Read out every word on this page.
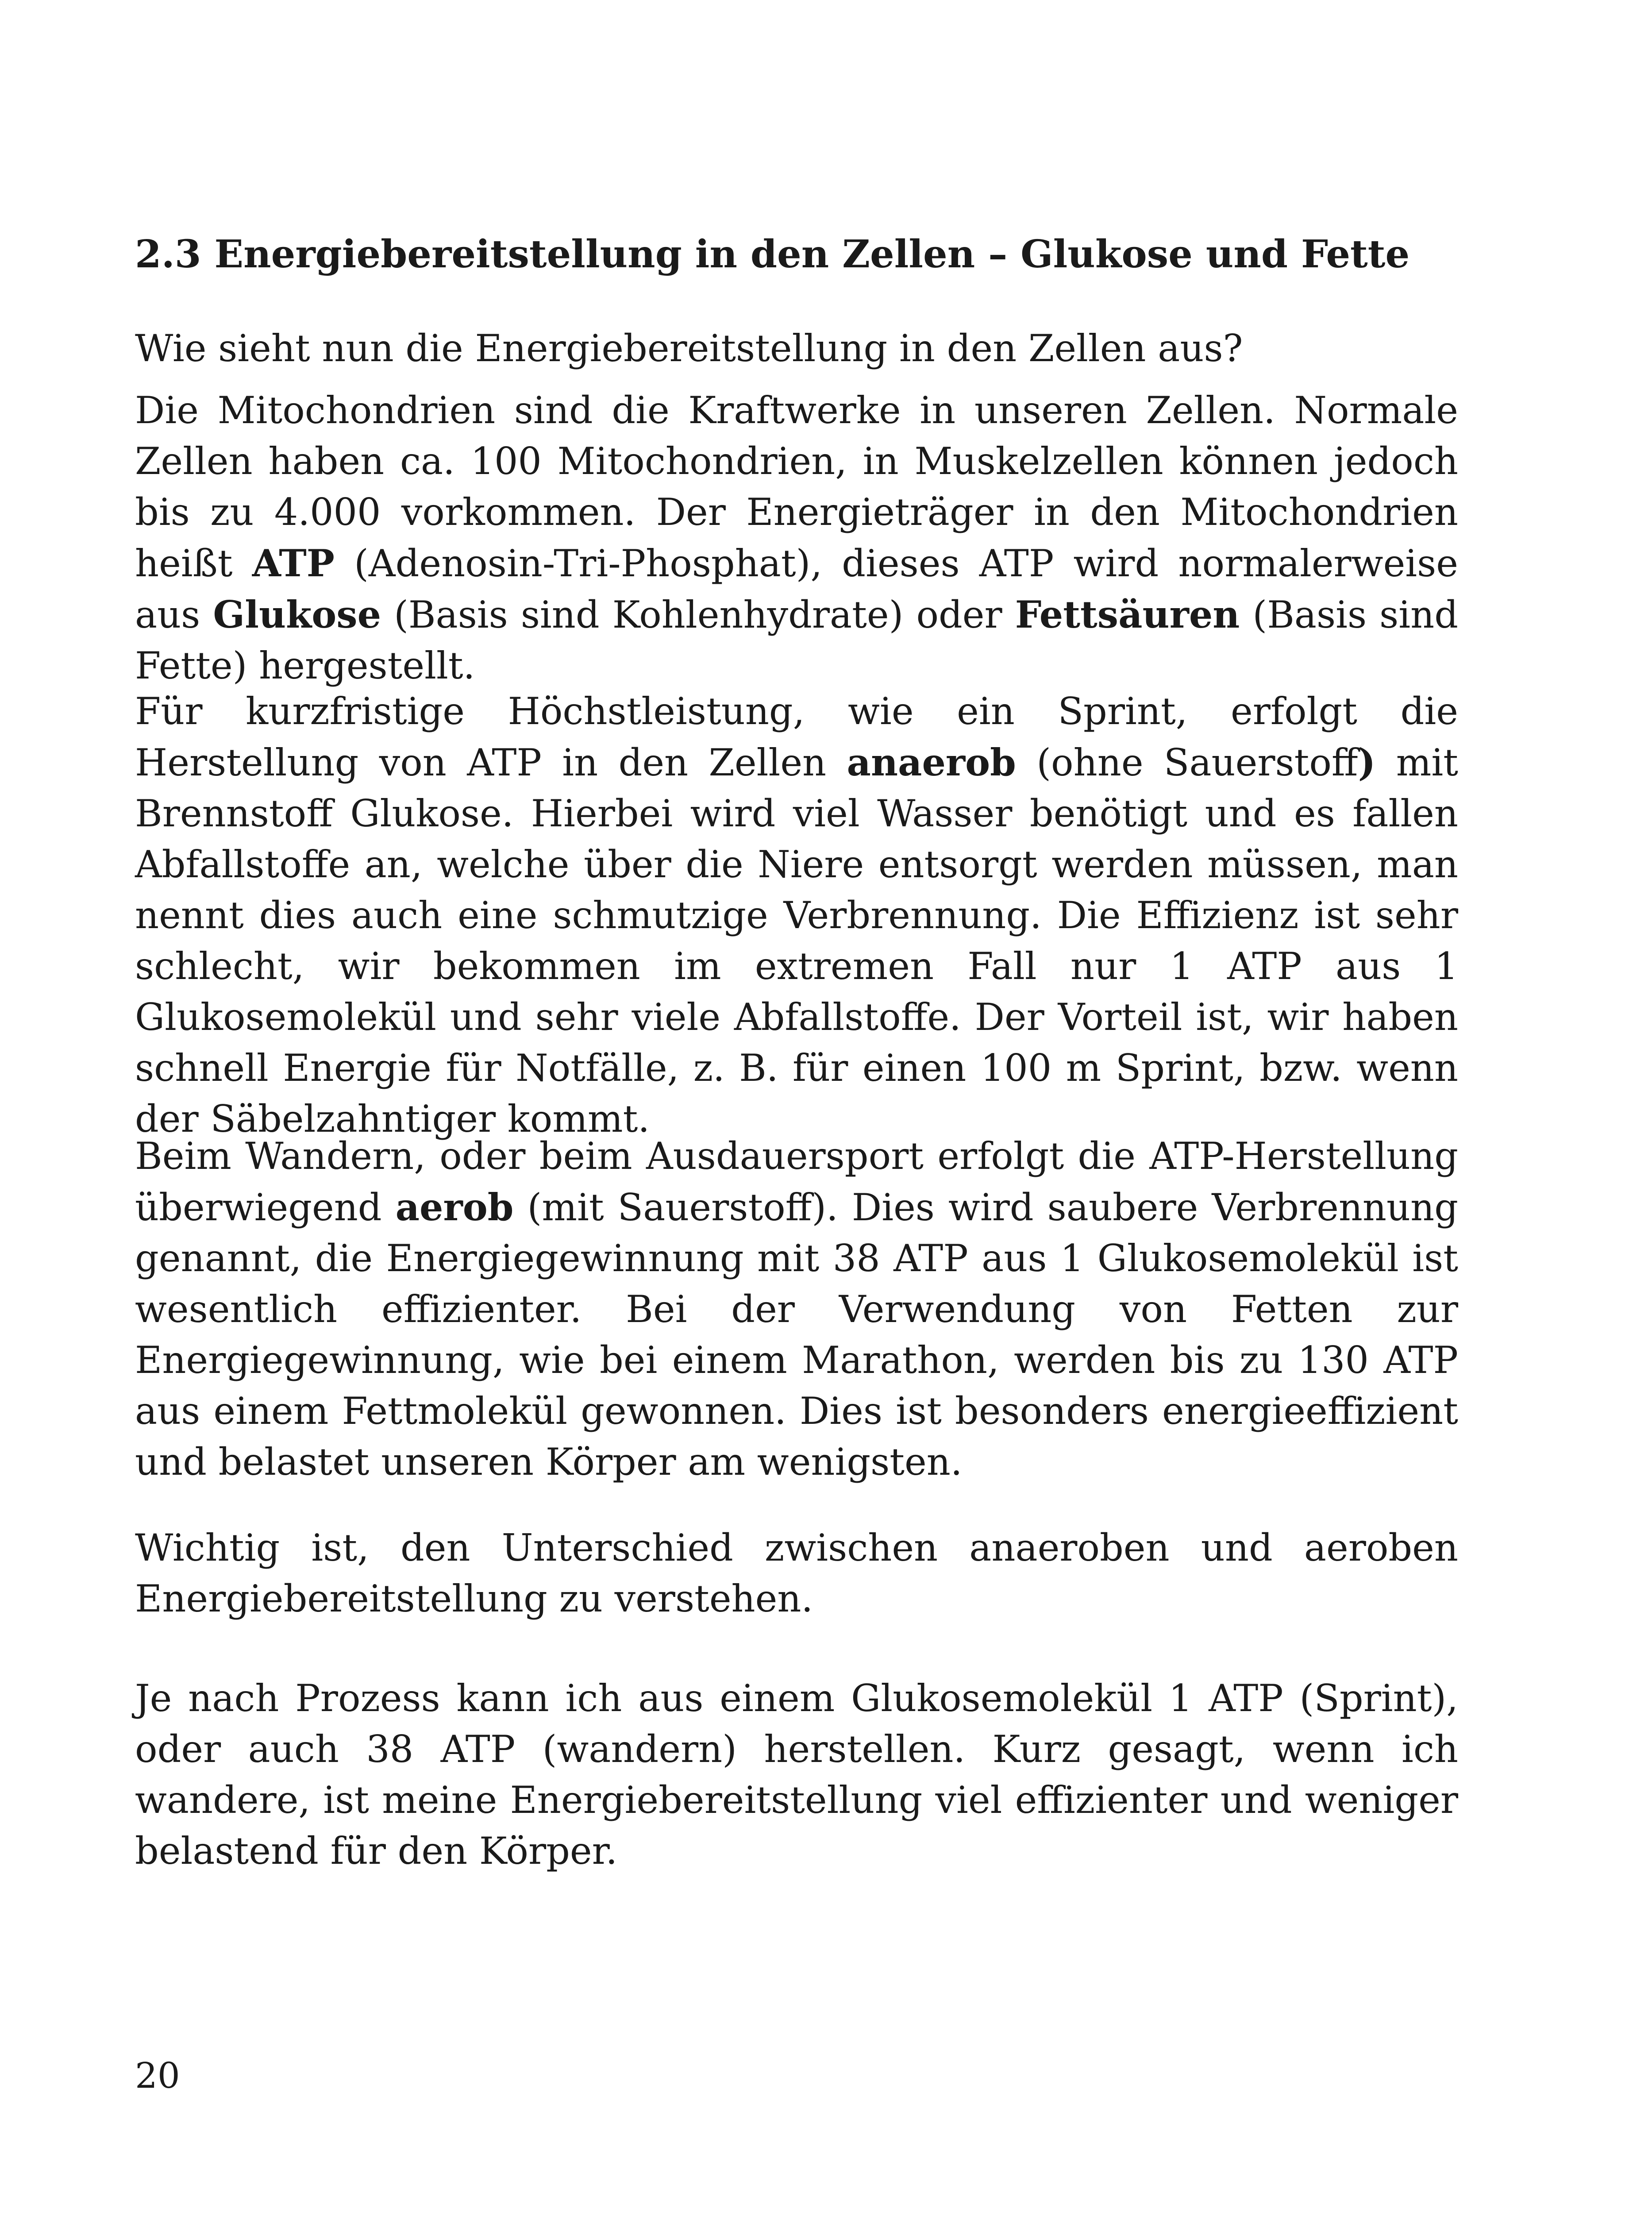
2.3 Energiebereitstellung in den Zellen – Glukose und Fette

Wie sieht nun die Energiebereitstellung in den Zellen aus?

Die Mitochondrien sind die Kraftwerke in unseren Zellen. Normale Zellen haben ca. 100 Mitochondrien, in Muskelzellen können jedoch bis zu 4.000 vorkommen. Der Energieträger in den Mitochondrien heißt ATP (Adenosin-Tri-Phosphat), dieses ATP wird normalerweise aus Glukose (Basis sind Kohlenhydrate) oder Fettsäuren (Basis sind Fette) hergestellt.

Für kurzfristige Höchstleistung, wie ein Sprint, erfolgt die Herstellung von ATP in den Zellen anaerob (ohne Sauerstoff) mit Brennstoff Glukose. Hierbei wird viel Wasser benötigt und es fallen Abfallstoffe an, welche über die Niere entsorgt werden müssen, man nennt dies auch eine schmutzige Verbrennung. Die Effizienz ist sehr schlecht, wir bekommen im extremen Fall nur 1 ATP aus 1 Glukosemolekül und sehr viele Abfallstoffe. Der Vorteil ist, wir haben schnell Energie für Notfälle, z. B. für einen 100 m Sprint, bzw. wenn der Säbelzahntiger kommt.

Beim Wandern, oder beim Ausdauersport erfolgt die ATP-Herstellung überwiegend aerob (mit Sauerstoff). Dies wird saubere Verbrennung genannt, die Energiegewinnung mit 38 ATP aus 1 Glukosemolekül ist wesentlich effizienter. Bei der Verwendung von Fetten zur Energiegewinnung, wie bei einem Marathon, werden bis zu 130 ATP aus einem Fettmolekül gewonnen. Dies ist besonders energieeffizient und belastet unseren Körper am wenigsten.

Wichtig ist, den Unterschied zwischen anaeroben und aeroben Energiebereitstellung zu verstehen.

Je nach Prozess kann ich aus einem Glukosemolekül 1 ATP (Sprint), oder auch 38 ATP (wandern) herstellen. Kurz gesagt, wenn ich wandere, ist meine Energiebereitstellung viel effizienter und weniger belastend für den Körper.

20
